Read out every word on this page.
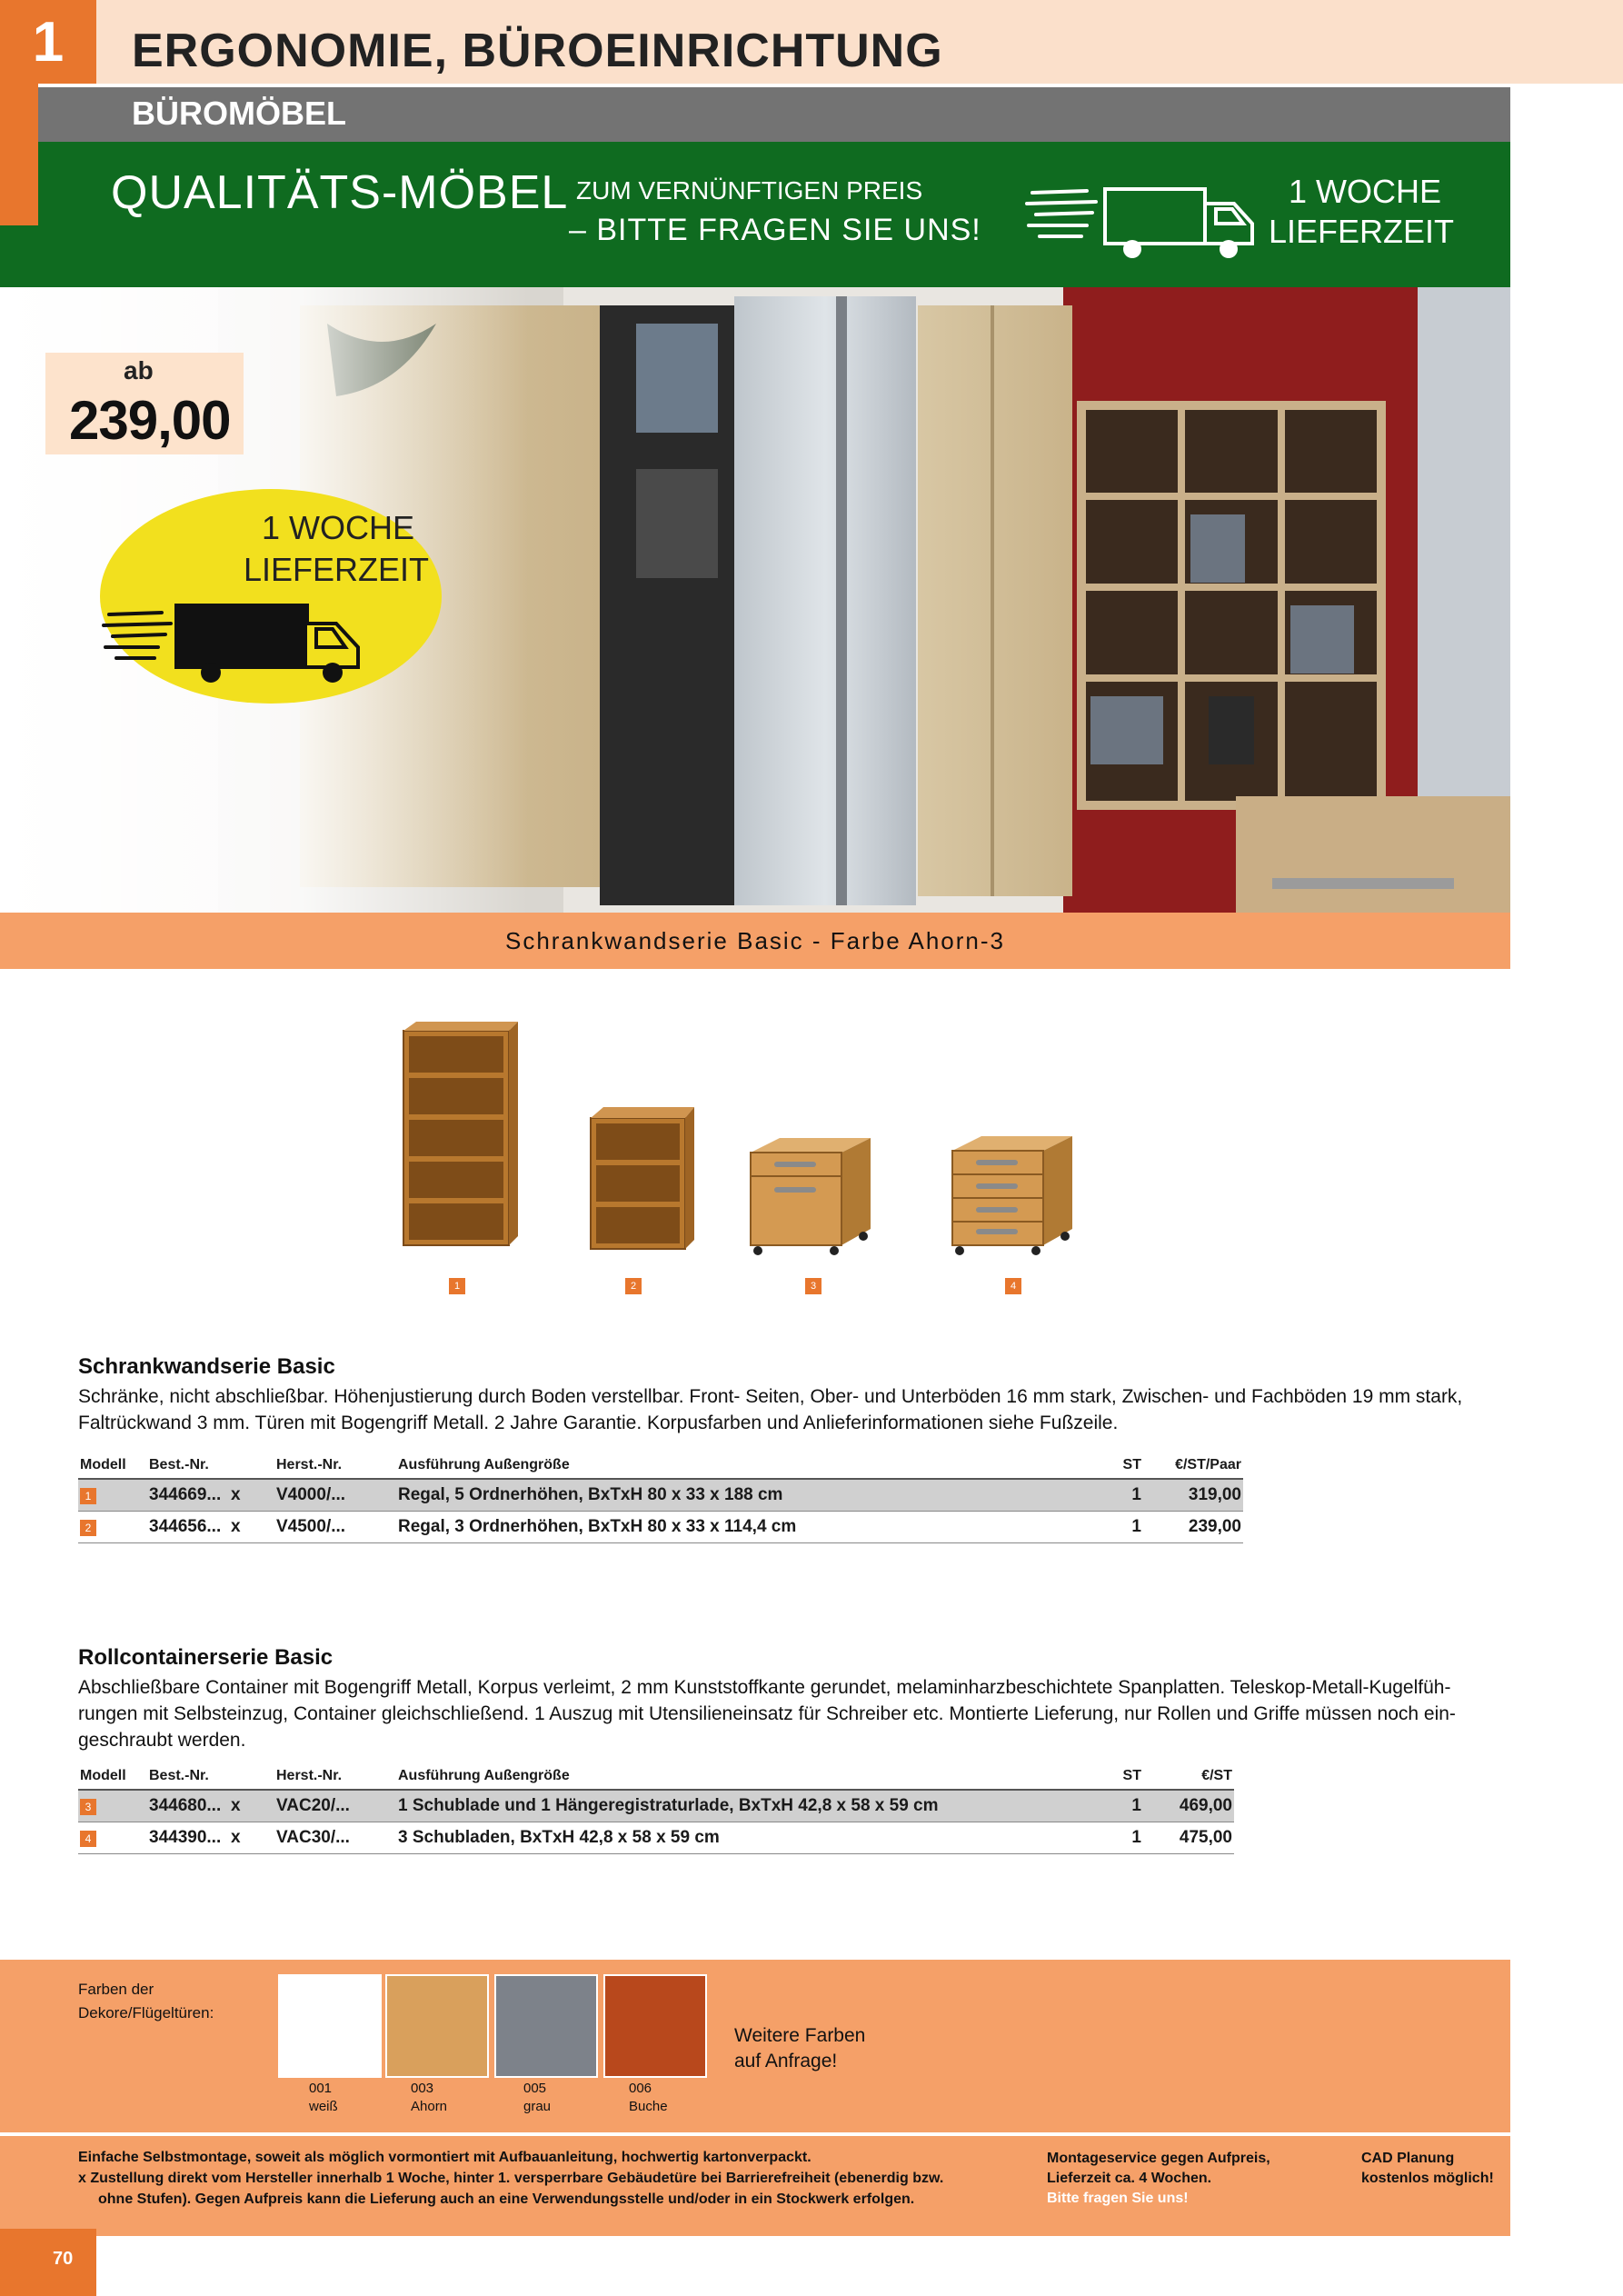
1	ERGONOMIE, BÜROEINRICHTUNG
BÜROMÖBEL
QUALITÄTS-MÖBEL ZUM VERNÜNFTIGEN PREIS
– BITTE FRAGEN SIE UNS!
1 WOCHE
LIEFERZEIT
ab
239,00
1 WOCHE
LIEFERZEIT
Schrankwandserie Basic - Farbe Ahorn-3
1	2	3	4
Schrankwandserie Basic
Schränke, nicht abschließbar. Höhenjustierung durch Boden verstellbar. Front- Seiten, Ober- und Unterböden 16 mm stark, Zwischen- und Fachböden 19 mm stark,
Faltrückwand 3 mm. Türen mit Bogengriff Metall. 2 Jahre Garantie. Korpusfarben und Anlieferinformationen siehe Fußzeile.
Modell	Best.-Nr.	Herst.-Nr.	Ausführung Außengröße	ST	€/ST/Paar
1	344669... x	V4000/...	Regal, 5 Ordnerhöhen, BxTxH 80 x 33 x 188 cm	1	319,00
2	344656... x	V4500/...	Regal, 3 Ordnerhöhen, BxTxH 80 x 33 x 114,4 cm	1	239,00
Rollcontainerserie Basic
Abschließbare Container mit Bogengriff Metall, Korpus verleimt, 2 mm Kunststoffkante gerundet, melaminharzbeschichtete Spanplatten. Teleskop-Metall-Kugelfüh-
rungen mit Selbsteinzug, Container gleichschließend. 1 Auszug mit Utensilieneinsatz für Schreiber etc. Montierte Lieferung, nur Rollen und Griffe müssen noch ein-
geschraubt werden.
Modell	Best.-Nr.	Herst.-Nr.	Ausführung Außengröße	ST	€/ST
3	344680... x	VAC20/...	1 Schublade und 1 Hängeregistraturlade, BxTxH 42,8 x 58 x 59 cm	1	469,00
4	344390... x	VAC30/...	3 Schubladen, BxTxH 42,8 x 58 x 59 cm	1	475,00
Farben der
Dekore/Flügeltüren:
001
weiß
003
Ahorn
005
grau
006
Buche
Weitere Farben
auf Anfrage!
Einfache Selbstmontage, soweit als möglich vormontiert mit Aufbauanleitung, hochwertig kartonverpackt.
x Zustellung direkt vom Hersteller innerhalb 1 Woche, hinter 1. versperrbare Gebäudetüre bei Barrierefreiheit (ebenerdig bzw.
ohne Stufen). Gegen Aufpreis kann die Lieferung auch an eine Verwendungsstelle und/oder in ein Stockwerk erfolgen.
Montageservice gegen Aufpreis,
Lieferzeit ca. 4 Wochen.
Bitte fragen Sie uns!
CAD Planung
kostenlos möglich!
70
